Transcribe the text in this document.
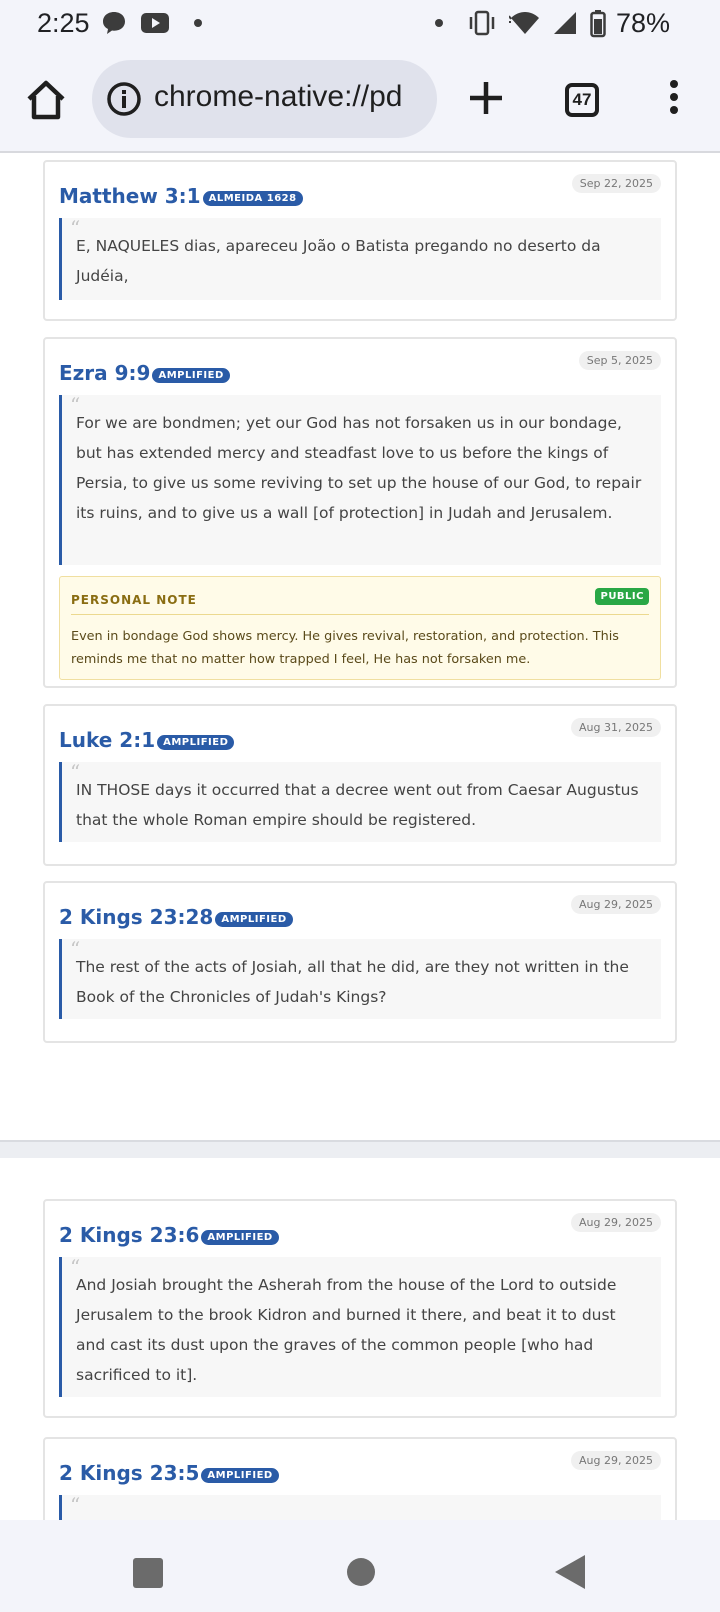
2:25	78%
chrome-native://pd	47
Sep 22, 2025
Matthew 3:1 ALMEIDA 1628
“
E, NAQUELES dias, apareceu João o Batista pregando no deserto da Judéia,
Sep 5, 2025
Ezra 9:9 AMPLIFIED
“
For we are bondmen; yet our God has not forsaken us in our bondage, but has extended mercy and steadfast love to us before the kings of Persia, to give us some reviving to set up the house of our God, to repair its ruins, and to give us a wall [of protection] in Judah and Jerusalem.
PERSONAL NOTE	PUBLIC
Even in bondage God shows mercy. He gives revival, restoration, and protection. This reminds me that no matter how trapped I feel, He has not forsaken me.
Aug 31, 2025
Luke 2:1 AMPLIFIED
“
IN THOSE days it occurred that a decree went out from Caesar Augustus that the whole Roman empire should be registered.
Aug 29, 2025
2 Kings 23:28 AMPLIFIED
“
The rest of the acts of Josiah, all that he did, are they not written in the Book of the Chronicles of Judah's Kings?
Aug 29, 2025
2 Kings 23:6 AMPLIFIED
“
And Josiah brought the Asherah from the house of the Lord to outside Jerusalem to the brook Kidron and burned it there, and beat it to dust and cast its dust upon the graves of the common people [who had sacrificed to it].
Aug 29, 2025
2 Kings 23:5 AMPLIFIED
“
